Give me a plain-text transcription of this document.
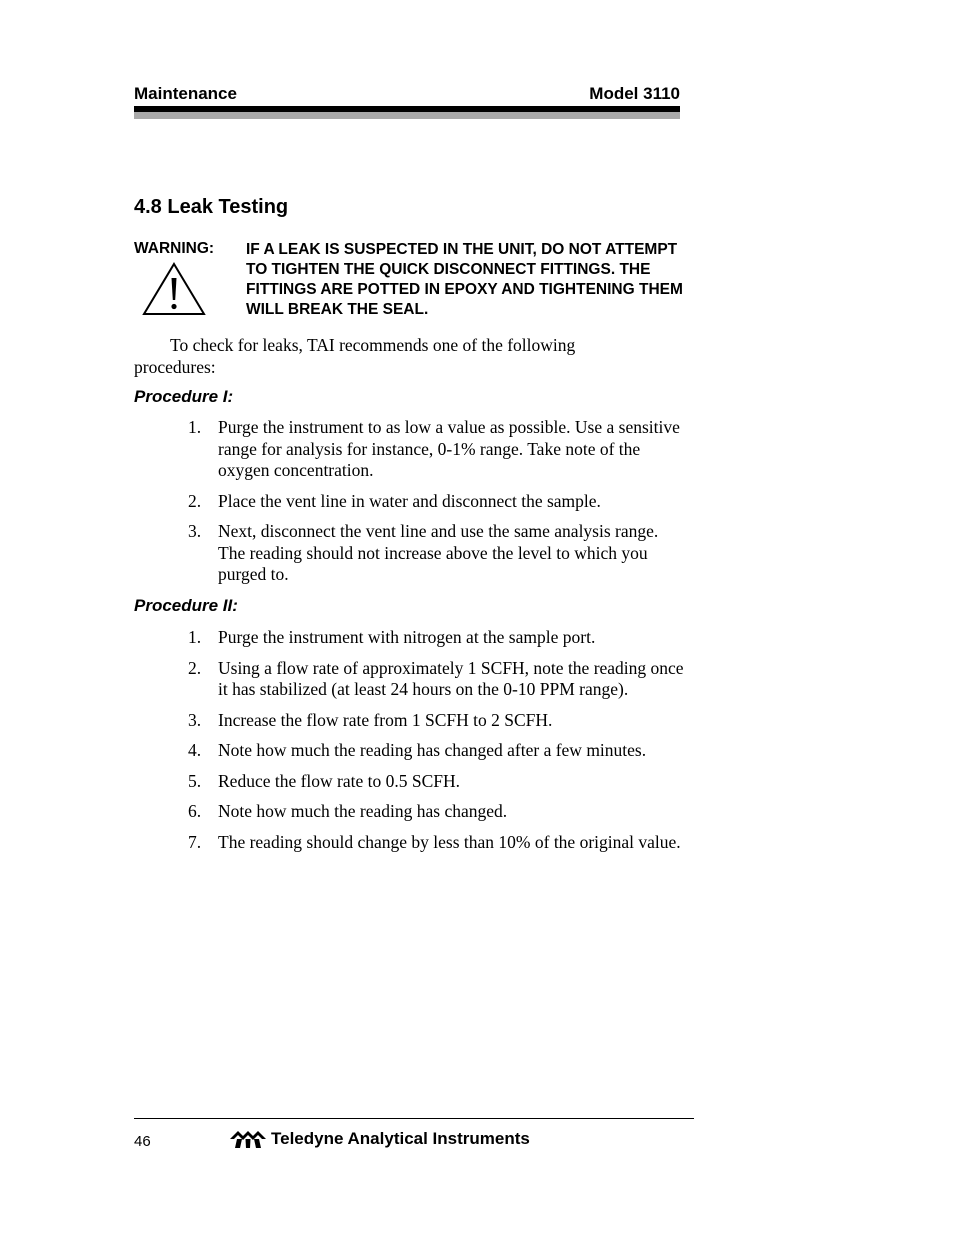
Maintenance	Model 3110
4.8 Leak Testing
WARNING: IF A LEAK IS SUSPECTED IN THE UNIT, DO NOT ATTEMPT TO TIGHTEN THE QUICK DISCONNECT FITTINGS. THE FITTINGS ARE POTTED IN EPOXY AND TIGHTENING THEM WILL BREAK THE SEAL.
To check for leaks, TAI recommends one of the following procedures:
Procedure I:
1. Purge the instrument to as low a value as possible. Use a sensitive range for analysis for instance, 0-1% range. Take note of the oxygen concentration.
2. Place the vent line in water and disconnect the sample.
3. Next, disconnect the vent line and use the same analysis range. The reading should not increase above the level to which you purged to.
Procedure II:
1. Purge the instrument with nitrogen at the sample port.
2. Using a flow rate of approximately 1 SCFH, note the reading once it has stabilized (at least 24 hours on the 0-10 PPM range).
3. Increase the flow rate from 1 SCFH to 2 SCFH.
4. Note how much the reading has changed after a few minutes.
5. Reduce the flow rate to 0.5 SCFH.
6. Note how much the reading has changed.
7. The reading should change by less than 10% of the original value.
46	Teledyne Analytical Instruments
